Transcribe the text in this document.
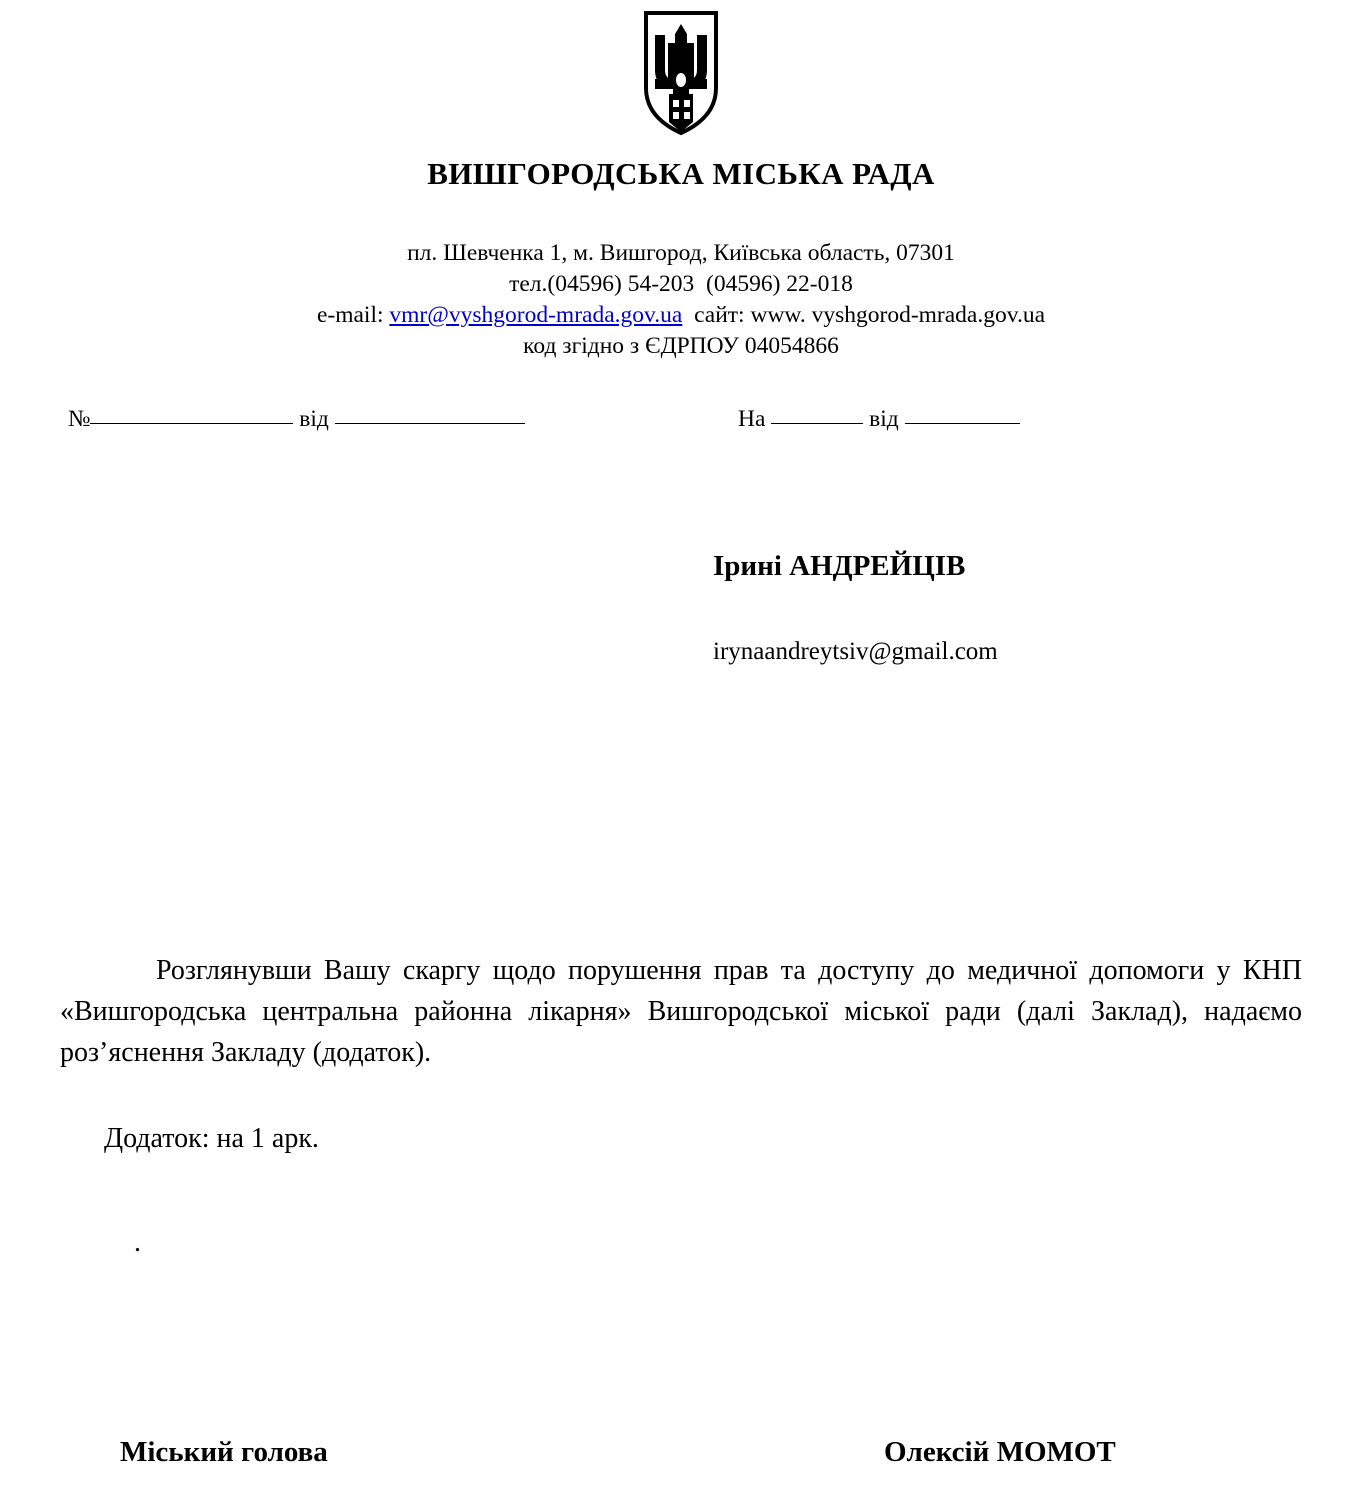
ВИШГОРОДСЬКА МІСЬКА РАДА
пл. Шевченка 1, м. Вишгород, Київська область, 07301
тел.(04596) 54-203  (04596) 22-018
e-mail: vmr@vyshgorod-mrada.gov.ua сайт: www. vyshgorod-mrada.gov.ua
код згідно з ЄДРПОУ 04054866
№	від	На	від
Ірині АНДРЕЙЦІВ
irynaandreytsiv@gmail.com
Розглянувши Вашу скаргу щодо порушення прав та доступу до медичної допомоги у КНП «Вишгородська центральна районна лікарня» Вишгородської міської ради (далі Заклад), надаємо роз’яснення Закладу (додаток).
Додаток: на 1 арк.
.
Міський голова	Олексій МОМОТ
